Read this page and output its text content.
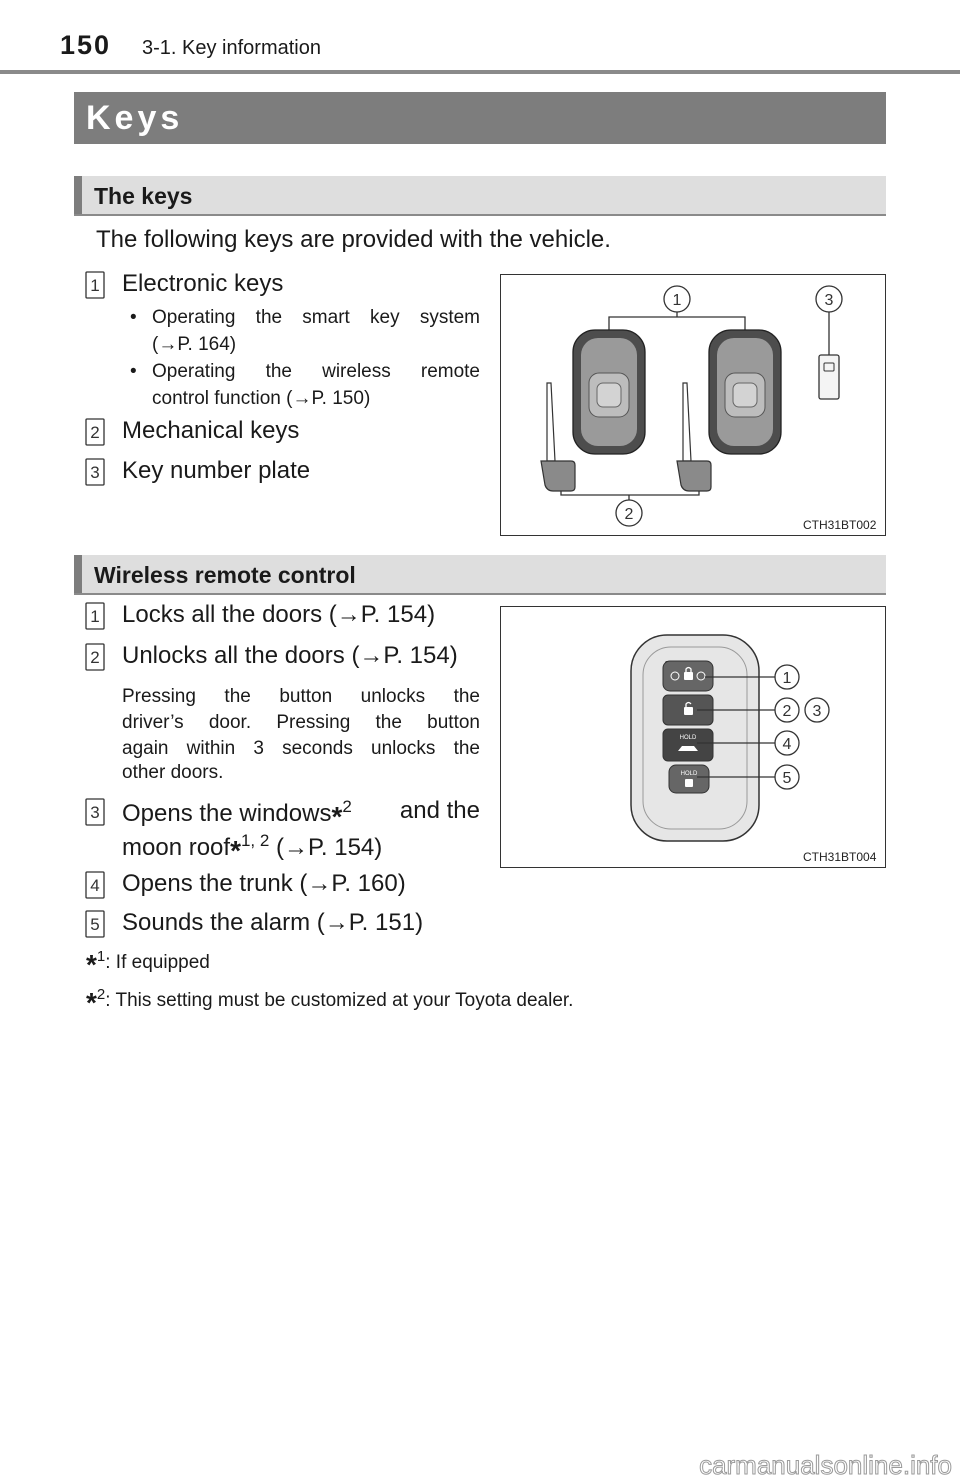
150 3-1. Key information
Keys
The keys
The following keys are provided with the vehicle.
1 Electronic keys
• Operating the smart key system
(→P. 164)
• Operating the wireless remote
control function (→P. 150)
2 Mechanical keys
3 Key number plate
1	3
2
CTH31BT002
Wireless remote control
1 Locks all the doors (→P. 154)
2 Unlocks all the doors (→P. 154)
Pressing the button unlocks the
driver’s door. Pressing the button
again within 3 seconds unlocks the
other doors.
3 Opens the windows*$^2$ and the
moon roof*$^{1, 2}$ (→P. 154)
4 Opens the trunk (→P. 160)
5 Sounds the alarm (→P. 151)
HOLD
HOLD
1
2 3
4
5
CTH31BT004
*$^1$: If equipped
*$^2$: This setting must be customized at your Toyota dealer.
carmanualsonline.info
